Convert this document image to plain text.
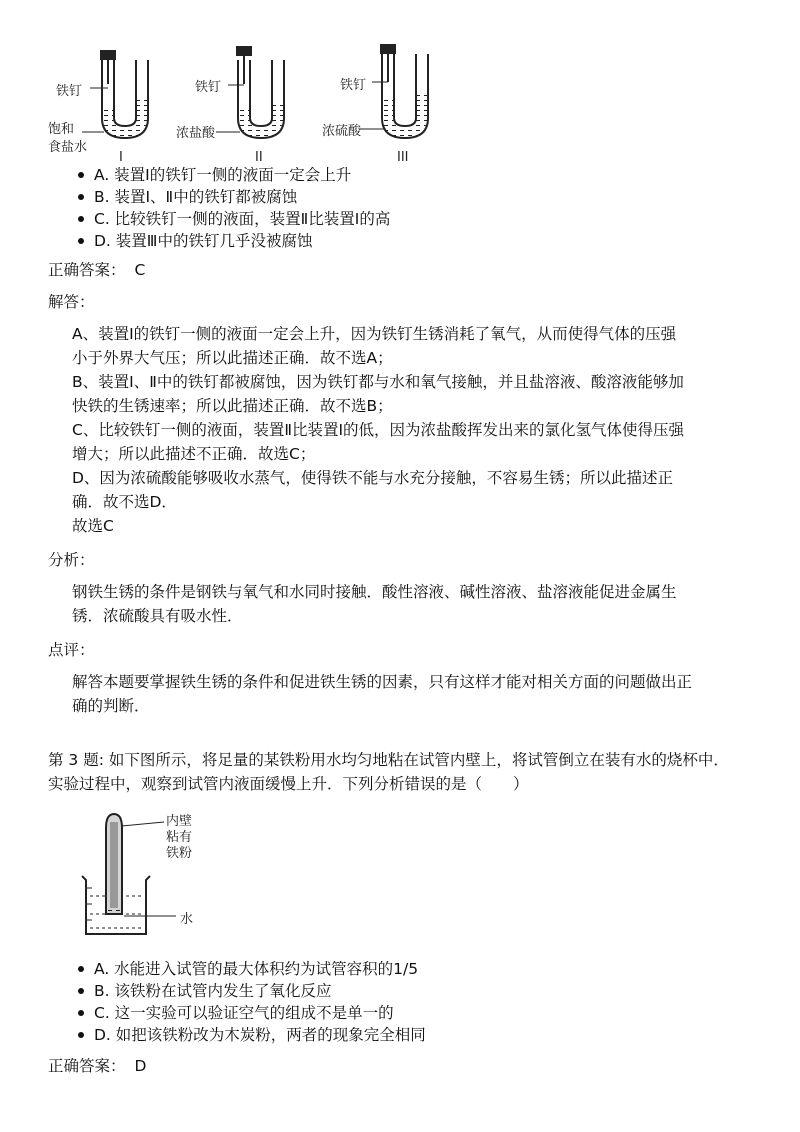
铁钉
饱和
食盐水
I
铁钉
浓盐酸
II
铁钉
浓硫酸
III
A. 装置Ⅰ的铁钉一侧的液面一定会上升
B. 装置Ⅰ、Ⅱ中的铁钉都被腐蚀
C. 比较铁钉一侧的液面，装置Ⅱ比装置Ⅰ的高
D. 装置Ⅲ中的铁钉几乎没被腐蚀
正确答案： C
解答：
A、装置Ⅰ的铁钉一侧的液面一定会上升，因为铁钉生锈消耗了氧气，从而使得气体的压强
小于外界大气压；所以此描述正确．故不选A；
B、装置Ⅰ、Ⅱ中的铁钉都被腐蚀，因为铁钉都与水和氧气接触，并且盐溶液、酸溶液能够加
快铁的生锈速率；所以此描述正确．故不选B；
C、比较铁钉一侧的液面，装置Ⅱ比装置Ⅰ的低，因为浓盐酸挥发出来的氯化氢气体使得压强
增大；所以此描述不正确．故选C；
D、因为浓硫酸能够吸收水蒸气，使得铁不能与水充分接触，不容易生锈；所以此描述正
确．故不选D．
故选C
分析：
钢铁生锈的条件是钢铁与氧气和水同时接触．酸性溶液、碱性溶液、盐溶液能促进金属生
锈．浓硫酸具有吸水性．
点评：
解答本题要掌握铁生锈的条件和促进铁生锈的因素，只有这样才能对相关方面的问题做出正
确的判断．
第 3 题: 如下图所示，将足量的某铁粉用水均匀地粘在试管内壁上，将试管倒立在装有水的烧杯中．
实验过程中，观察到试管内液面缓慢上升．下列分析错误的是（　　）
内壁
粘有
铁粉
水
A. 水能进入试管的最大体积约为试管容积的1/5
B. 该铁粉在试管内发生了氧化反应
C. 这一实验可以验证空气的组成不是单一的
D. 如把该铁粉改为木炭粉，两者的现象完全相同
正确答案： D
